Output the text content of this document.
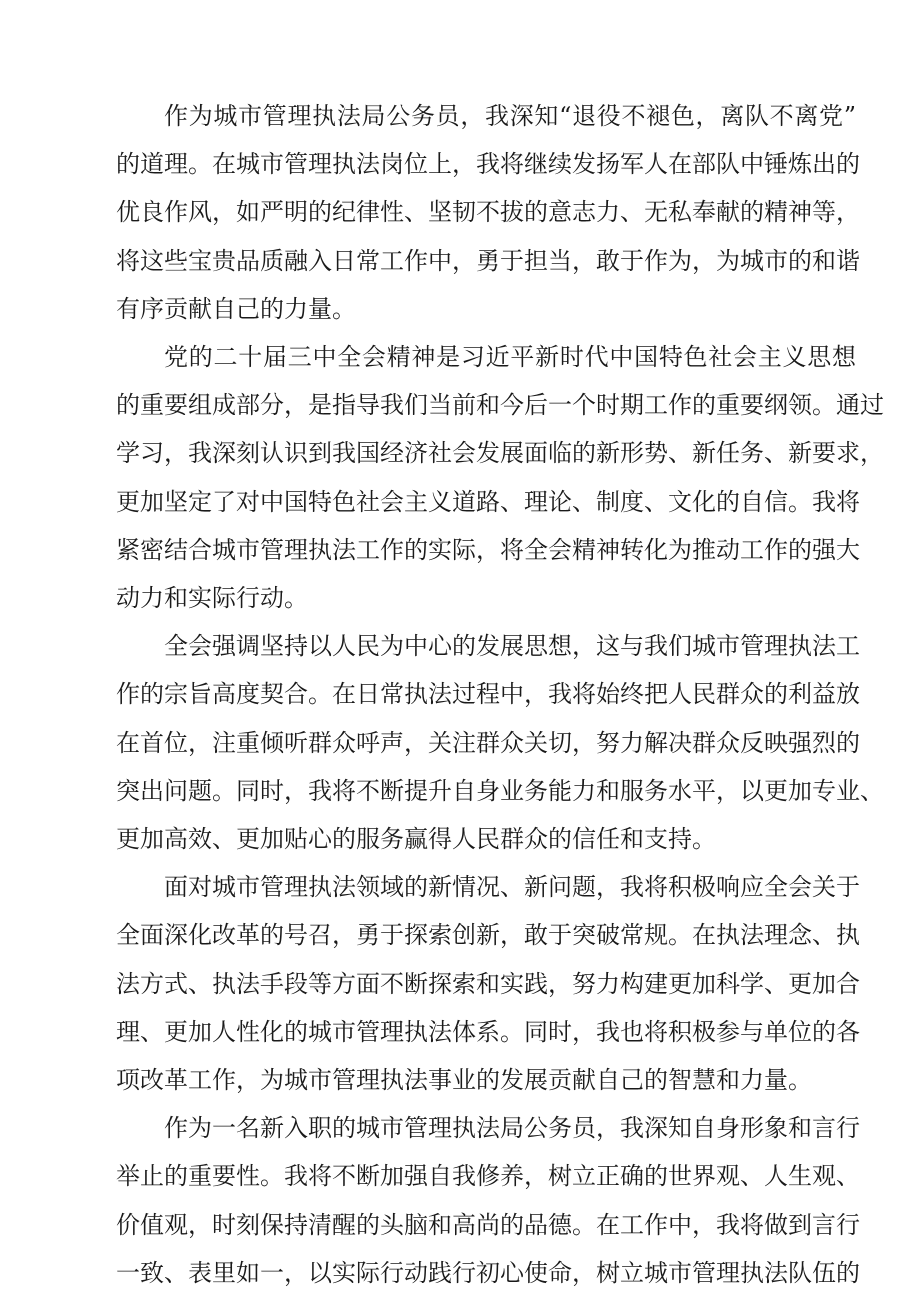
作为城市管理执法局公务员，我深知“退役不褪色，离队不离党”
的道理。在城市管理执法岗位上，我将继续发扬军人在部队中锤炼出的
优良作风，如严明的纪律性、坚韧不拔的意志力、无私奉献的精神等，
将这些宝贵品质融入日常工作中，勇于担当，敢于作为，为城市的和谐
有序贡献自己的力量。

党的二十届三中全会精神是习近平新时代中国特色社会主义思想
的重要组成部分，是指导我们当前和今后一个时期工作的重要纲领。通过
学习，我深刻认识到我国经济社会发展面临的新形势、新任务、新要求，
更加坚定了对中国特色社会主义道路、理论、制度、文化的自信。我将
紧密结合城市管理执法工作的实际，将全会精神转化为推动工作的强大
动力和实际行动。

全会强调坚持以人民为中心的发展思想，这与我们城市管理执法工
作的宗旨高度契合。在日常执法过程中，我将始终把人民群众的利益放
在首位，注重倾听群众呼声，关注群众关切，努力解决群众反映强烈的
突出问题。同时，我将不断提升自身业务能力和服务水平，以更加专业、
更加高效、更加贴心的服务赢得人民群众的信任和支持。

面对城市管理执法领域的新情况、新问题，我将积极响应全会关于
全面深化改革的号召，勇于探索创新，敢于突破常规。在执法理念、执
法方式、执法手段等方面不断探索和实践，努力构建更加科学、更加合
理、更加人性化的城市管理执法体系。同时，我也将积极参与单位的各
项改革工作，为城市管理执法事业的发展贡献自己的智慧和力量。

作为一名新入职的城市管理执法局公务员，我深知自身形象和言行
举止的重要性。我将不断加强自我修养，树立正确的世界观、人生观、
价值观，时刻保持清醒的头脑和高尚的品德。在工作中，我将做到言行
一致、表里如一，以实际行动践行初心使命，树立城市管理执法队伍的
